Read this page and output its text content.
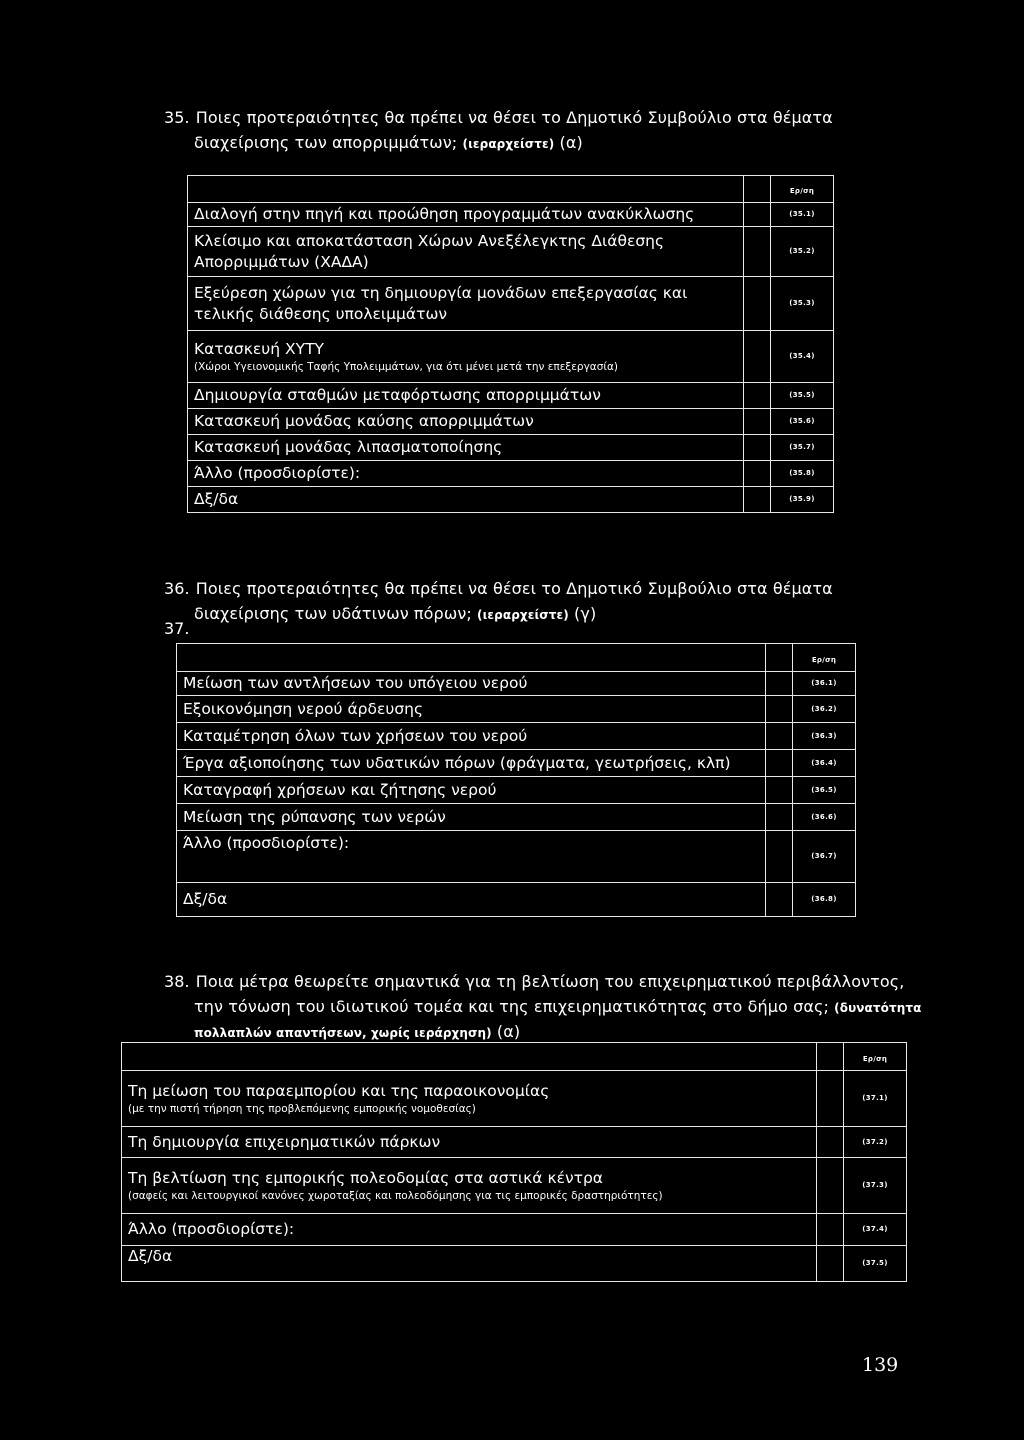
35. Ποιες προτεραιότητες θα πρέπει να θέσει το Δημοτικό Συμβούλιο στα θέματα
διαχείρισης των απορριμμάτων; (ιεραρχείστε) (α)
		Ερ/ση
Διαλογή στην πηγή και προώθηση προγραμμάτων ανακύκλωσης		(35.1)
Κλείσιμο και αποκατάσταση Χώρων Ανεξέλεγκτης Διάθεσης
Απορριμμάτων (ΧΑΔΑ)		(35.2)
Εξεύρεση χώρων για τη δημιουργία μονάδων επεξεργασίας και
τελικής διάθεσης υπολειμμάτων		(35.3)
Κατασκευή ΧΥΤΥ
(Χώροι Υγειονομικής Ταφής Υπολειμμάτων, για ότι μένει μετά την επεξεργασία)		(35.4)
Δημιουργία σταθμών μεταφόρτωσης απορριμμάτων		(35.5)
Κατασκευή μονάδας καύσης απορριμμάτων		(35.6)
Κατασκευή μονάδας λιπασματοποίησης		(35.7)
Άλλο (προσδιορίστε):		(35.8)
Δξ/δα		(35.9)
36. Ποιες προτεραιότητες θα πρέπει να θέσει το Δημοτικό Συμβούλιο στα θέματα
διαχείρισης των υδάτινων πόρων; (ιεραρχείστε) (γ)
37.
		Ερ/ση
Μείωση των αντλήσεων του υπόγειου νερού		(36.1)
Εξοικονόμηση νερού άρδευσης		(36.2)
Καταμέτρηση όλων των χρήσεων του νερού		(36.3)
Έργα αξιοποίησης των υδατικών πόρων (φράγματα, γεωτρήσεις, κλπ)		(36.4)
Καταγραφή χρήσεων και ζήτησης νερού		(36.5)
Μείωση της ρύπανσης των νερών		(36.6)
Άλλο (προσδιορίστε):		(36.7)
Δξ/δα		(36.8)
38. Ποια μέτρα θεωρείτε σημαντικά για τη βελτίωση του επιχειρηματικού περιβάλλοντος,
την τόνωση του ιδιωτικού τομέα και της επιχειρηματικότητας στο δήμο σας; (δυνατότητα
πολλαπλών απαντήσεων, χωρίς ιεράρχηση) (α)
		Ερ/ση
Τη μείωση του παραεμπορίου και της παραοικονομίας
(με την πιστή τήρηση της προβλεπόμενης εμπορικής νομοθεσίας)		(37.1)
Τη δημιουργία επιχειρηματικών πάρκων		(37.2)
Τη βελτίωση της εμπορικής πολεοδομίας στα αστικά κέντρα
(σαφείς και λειτουργικοί κανόνες χωροταξίας και πολεοδόμησης για τις εμπορικές δραστηριότητες)		(37.3)
Άλλο (προσδιορίστε):		(37.4)
Δξ/δα		(37.5)
139
